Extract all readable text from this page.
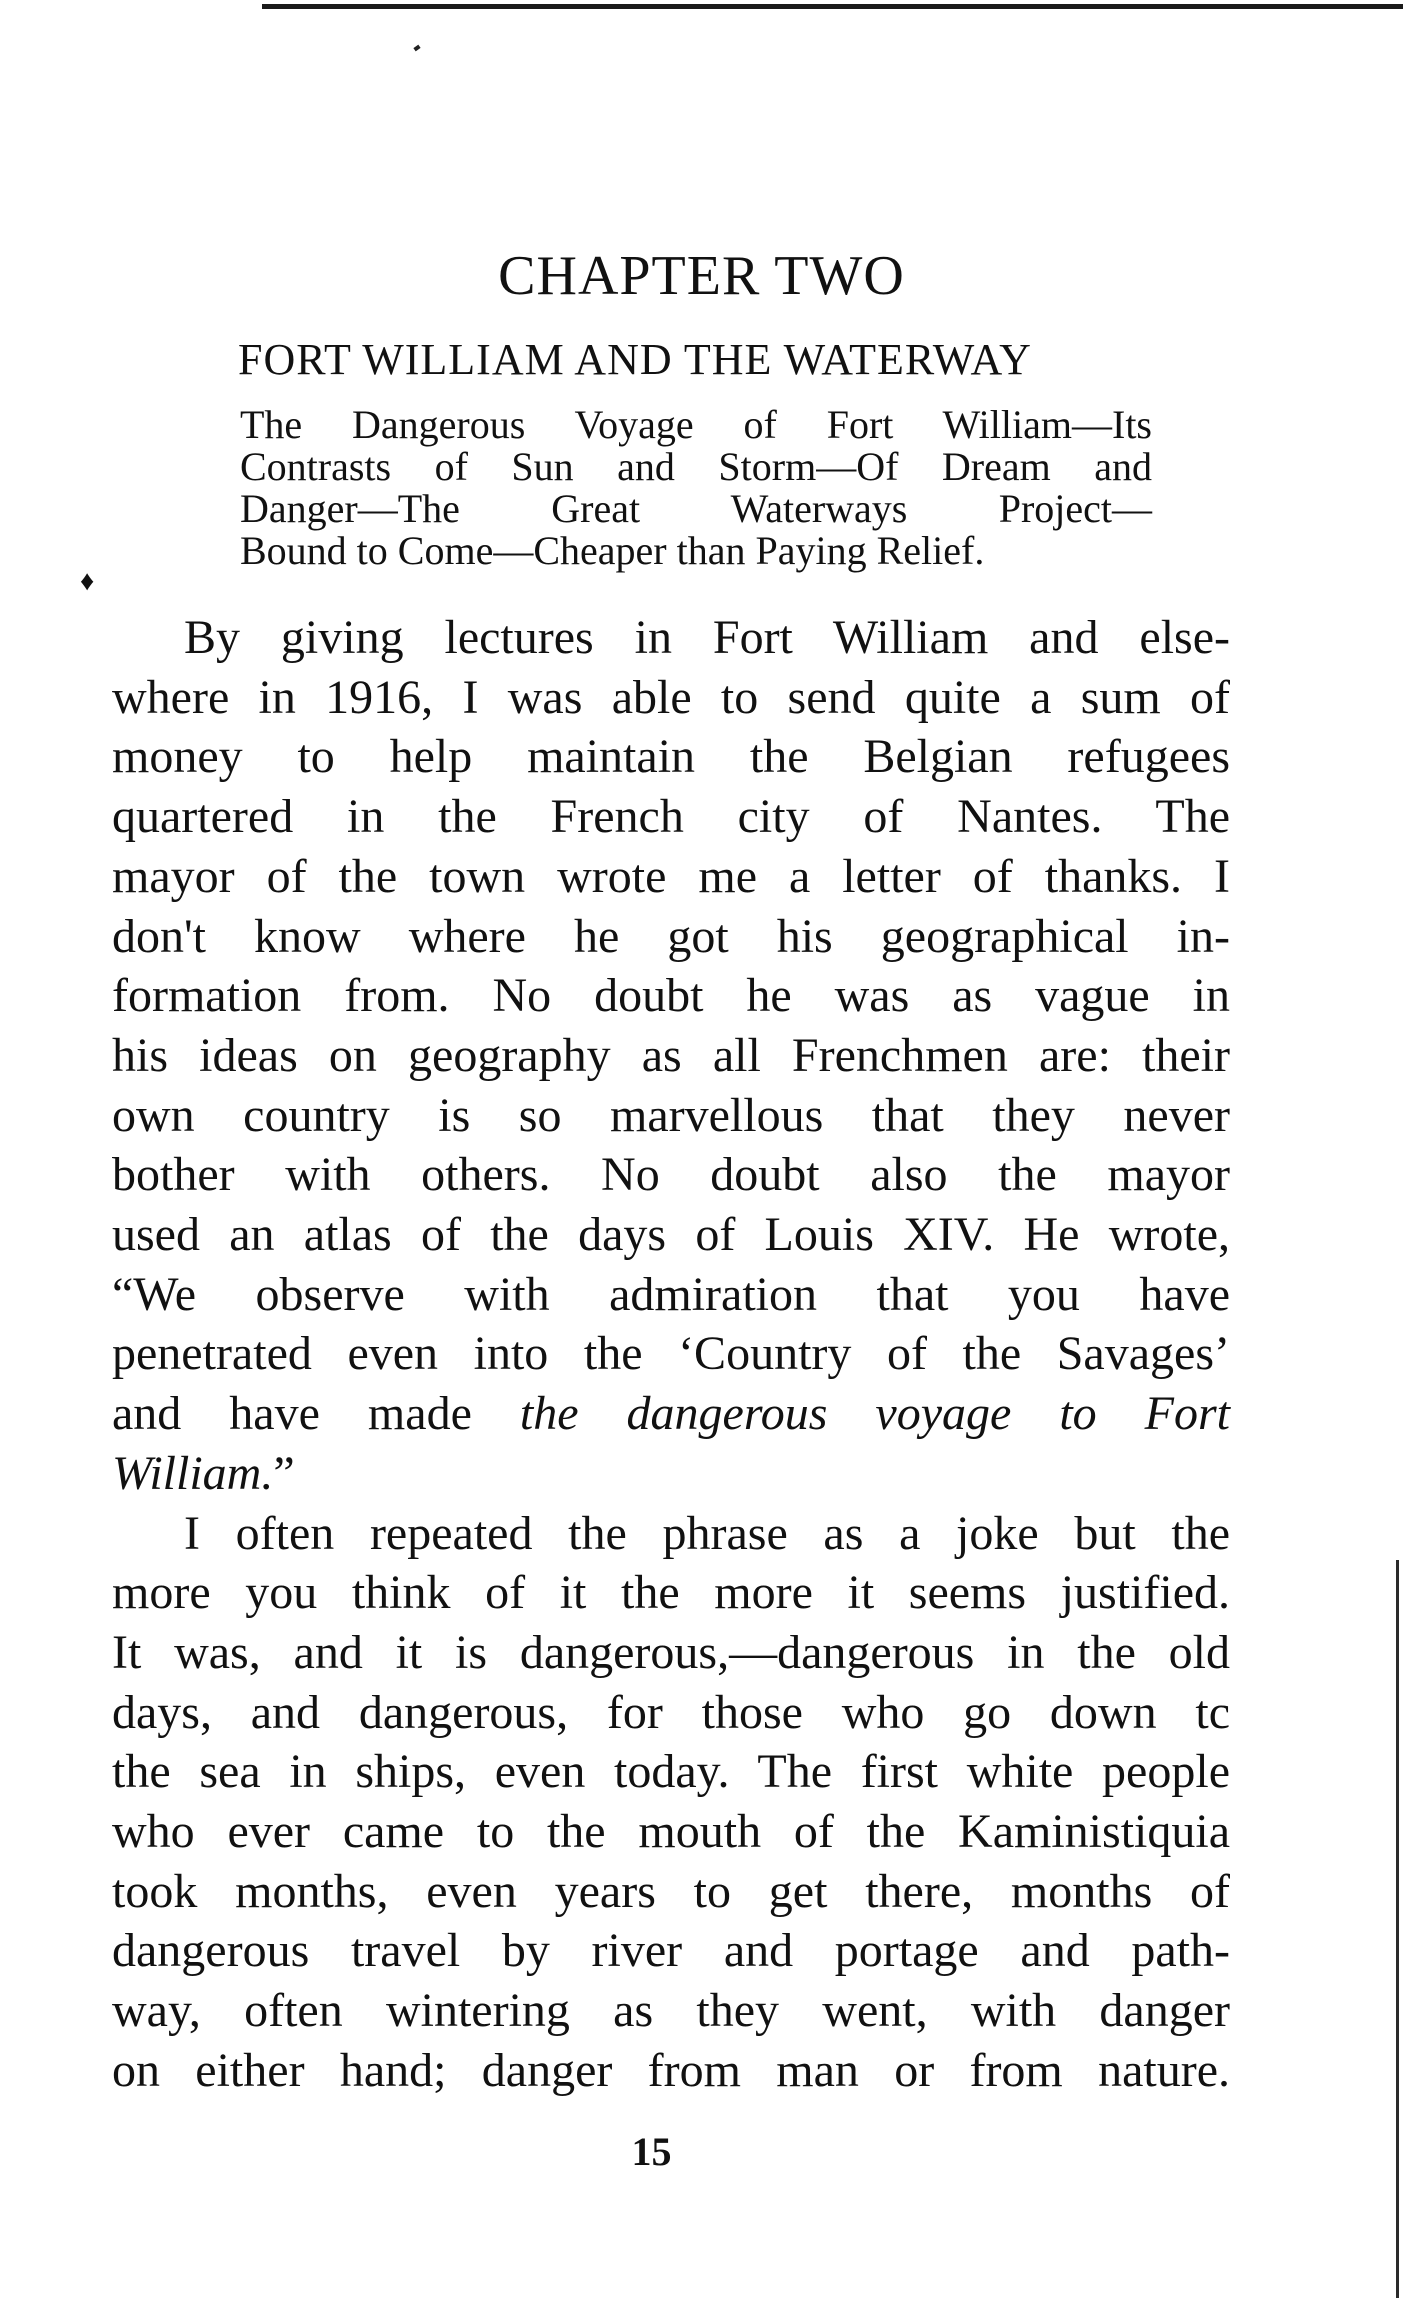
CHAPTER TWO
FORT WILLIAM AND THE WATERWAY
♦
The Dangerous Voyage of Fort William—Its
Contrasts of Sun and Storm—Of Dream and
Danger—The Great Waterways Project—
Bound to Come—Cheaper than Paying Relief.
By giving lectures in Fort William and else-
where in 1916, I was able to send quite a sum of
money to help maintain the Belgian refugees
quartered in the French city of Nantes. The
mayor of the town wrote me a letter of thanks. I
don't know where he got his geographical in-
formation from. No doubt he was as vague in
his ideas on geography as all Frenchmen are: their
own country is so marvellous that they never
bother with others. No doubt also the mayor
used an atlas of the days of Louis XIV. He wrote,
“We observe with admiration that you have
penetrated even into the ‘Country of the Savages’
and have made the dangerous voyage to Fort
William.”
I often repeated the phrase as a joke but the
more you think of it the more it seems justified.
It was, and it is dangerous,—dangerous in the old
days, and dangerous, for those who go down tc
the sea in ships, even today. The first white people
who ever came to the mouth of the Kaministiquia
took months, even years to get there, months of
dangerous travel by river and portage and path-
way, often wintering as they went, with danger
on either hand; danger from man or from nature.
15
